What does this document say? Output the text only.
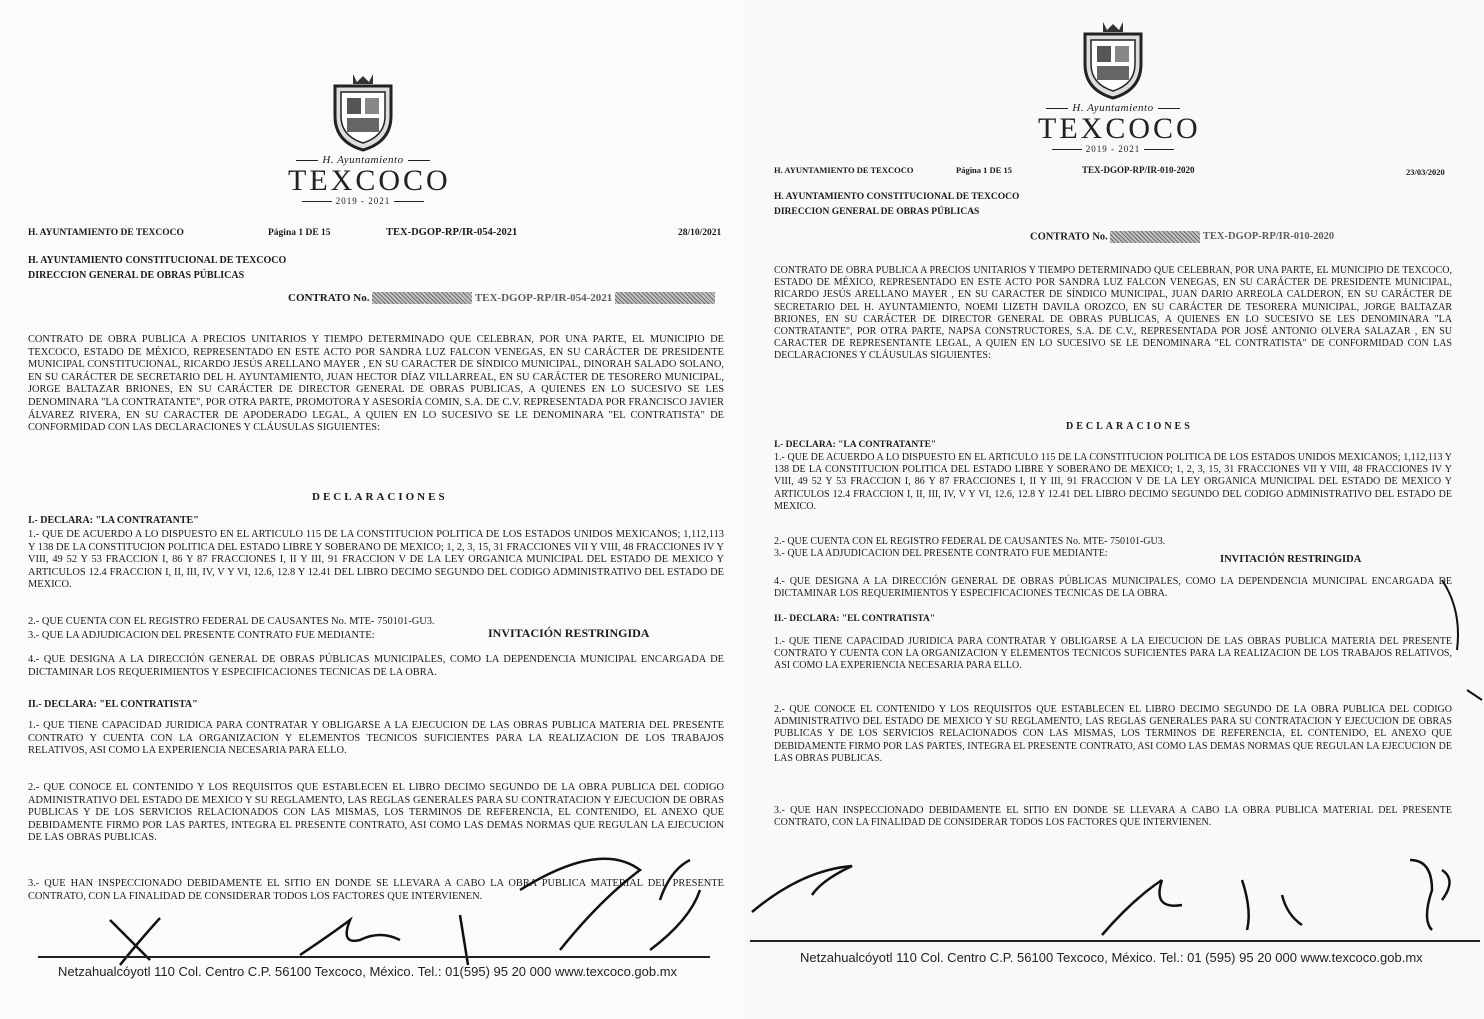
H. Ayuntamiento
TEXCOCO
2019 - 2021
H. AYUNTAMIENTO DE TEXCOCO	Página 1 DE 15	TEX-DGOP-RP/IR-054-2021	28/10/2021
H. AYUNTAMIENTO CONSTITUCIONAL DE TEXCOCO
DIRECCION GENERAL DE OBRAS PÚBLICAS
CONTRATO No.	TEX-DGOP-RP/IR-054-2021
CONTRATO DE OBRA PUBLICA A PRECIOS UNITARIOS Y TIEMPO DETERMINADO QUE CELEBRAN, POR UNA PARTE, EL MUNICIPIO DE TEXCOCO, ESTADO DE MÉXICO, REPRESENTADO EN ESTE ACTO POR SANDRA LUZ FALCON VENEGAS, EN SU CARÁCTER DE PRESIDENTE MUNICIPAL CONSTITUCIONAL, RICARDO JESÚS ARELLANO MAYER , EN SU CARACTER DE SÍNDICO MUNICIPAL, DINORAH SALADO SOLANO, EN SU CARÁCTER DE SECRETARIO DEL H. AYUNTAMIENTO, JUAN HECTOR DÍAZ VILLARREAL, EN SU CARÁCTER DE TESORERO MUNICIPAL, JORGE BALTAZAR BRIONES, EN SU CARÁCTER DE DIRECTOR GENERAL DE OBRAS PUBLICAS, A QUIENES EN LO SUCESIVO SE LES DENOMINARA "LA CONTRATANTE", POR OTRA PARTE, PROMOTORA Y ASESORÍA COMIN, S.A. DE C.V. REPRESENTADA POR FRANCISCO JAVIER ÁLVAREZ RIVERA, EN SU CARACTER DE APODERADO LEGAL, A QUIEN EN LO SUCESIVO SE LE DENOMINARA "EL CONTRATISTA" DE CONFORMIDAD CON LAS DECLARACIONES Y CLÁUSULAS SIGUIENTES:
DECLARACIONES
I.- DECLARA: "LA CONTRATANTE"
1.- QUE DE ACUERDO A LO DISPUESTO EN EL ARTICULO 115 DE LA CONSTITUCION POLITICA DE LOS ESTADOS UNIDOS MEXICANOS; 1,112,113 Y 138 DE LA CONSTITUCION POLITICA DEL ESTADO LIBRE Y SOBERANO DE MEXICO; 1, 2, 3, 15, 31 FRACCIONES VII Y VIII, 48 FRACCIONES IV Y VIII, 49 52 Y 53 FRACCION I, 86 Y 87 FRACCIONES I, II Y III, 91 FRACCION V DE LA LEY ORGANICA MUNICIPAL DEL ESTADO DE MEXICO Y ARTICULOS 12.4 FRACCION I, II, III, IV, V Y VI, 12.6, 12.8 Y 12.41 DEL LIBRO DECIMO SEGUNDO DEL CODIGO ADMINISTRATIVO DEL ESTADO DE MEXICO.
2.- QUE CUENTA CON EL REGISTRO FEDERAL DE CAUSANTES No. MTE- 750101-GU3.
3.- QUE LA ADJUDICACION DEL PRESENTE CONTRATO FUE MEDIANTE:	INVITACIÓN RESTRINGIDA
4.- QUE DESIGNA A LA DIRECCIÓN GENERAL DE OBRAS PÚBLICAS MUNICIPALES, COMO LA DEPENDENCIA MUNICIPAL ENCARGADA DE DICTAMINAR LOS REQUERIMIENTOS Y ESPECIFICACIONES TECNICAS DE LA OBRA.
II.- DECLARA: "EL CONTRATISTA"
1.- QUE TIENE CAPACIDAD JURIDICA PARA CONTRATAR Y OBLIGARSE A LA EJECUCION DE LAS OBRAS PUBLICA MATERIA DEL PRESENTE CONTRATO Y CUENTA CON LA ORGANIZACION Y ELEMENTOS TECNICOS SUFICIENTES PARA LA REALIZACION DE LOS TRABAJOS RELATIVOS, ASI COMO LA EXPERIENCIA NECESARIA PARA ELLO.
2.- QUE CONOCE EL CONTENIDO Y LOS REQUISITOS QUE ESTABLECEN EL LIBRO DECIMO SEGUNDO DE LA OBRA PUBLICA DEL CODIGO ADMINISTRATIVO DEL ESTADO DE MEXICO Y SU REGLAMENTO, LAS REGLAS GENERALES PARA SU CONTRATACION Y EJECUCION DE OBRAS PUBLICAS Y DE LOS SERVICIOS RELACIONADOS CON LAS MISMAS, LOS TERMINOS DE REFERENCIA, EL CONTENIDO, EL ANEXO QUE DEBIDAMENTE FIRMO POR LAS PARTES, INTEGRA EL PRESENTE CONTRATO, ASI COMO LAS DEMAS NORMAS QUE REGULAN LA EJECUCION DE LAS OBRAS PUBLICAS.
3.- QUE HAN INSPECCIONADO DEBIDAMENTE EL SITIO EN DONDE SE LLEVARA A CABO LA OBRA PUBLICA MATERIAL DEL PRESENTE CONTRATO, CON LA FINALIDAD DE CONSIDERAR TODOS LOS FACTORES QUE INTERVIENEN.
Netzahualcóyotl 110 Col. Centro C.P. 56100 Texcoco, México. Tel.: 01(595) 95 20 000 www.texcoco.gob.mx
H. Ayuntamiento
TEXCOCO
2019 - 2021
H. AYUNTAMIENTO DE TEXCOCO	Página 1 DE 15	TEX-DGOP-RP/IR-010-2020	23/03/2020
H. AYUNTAMIENTO CONSTITUCIONAL DE TEXCOCO
DIRECCION GENERAL DE OBRAS PÚBLICAS
CONTRATO No.	TEX-DGOP-RP/IR-010-2020
CONTRATO DE OBRA PUBLICA A PRECIOS UNITARIOS Y TIEMPO DETERMINADO QUE CELEBRAN, POR UNA PARTE, EL MUNICIPIO DE TEXCOCO, ESTADO DE MÉXICO, REPRESENTADO EN ESTE ACTO POR SANDRA LUZ FALCON VENEGAS, EN SU CARÁCTER DE PRESIDENTE MUNICIPAL, RICARDO JESÚS ARELLANO MAYER , EN SU CARACTER DE SÍNDICO MUNICIPAL, JUAN DARIO ARREOLA CALDERON, EN SU CARÁCTER DE SECRETARIO DEL H. AYUNTAMIENTO, NOEMI LIZETH DAVILA OROZCO, EN SU CARÁCTER DE TESORERA MUNICIPAL, JORGE BALTAZAR BRIONES, EN SU CARÁCTER DE DIRECTOR GENERAL DE OBRAS PUBLICAS, A QUIENES EN LO SUCESIVO SE LES DENOMINARA "LA CONTRATANTE", POR OTRA PARTE, NAPSA CONSTRUCTORES, S.A. DE C.V., REPRESENTADA POR JOSÉ ANTONIO OLVERA SALAZAR , EN SU CARACTER DE REPRESENTANTE LEGAL, A QUIEN EN LO SUCESIVO SE LE DENOMINARA "EL CONTRATISTA" DE CONFORMIDAD CON LAS DECLARACIONES Y CLÁUSULAS SIGUIENTES:
DECLARACIONES
I.- DECLARA: "LA CONTRATANTE"
1.- QUE DE ACUERDO A LO DISPUESTO EN EL ARTICULO 115 DE LA CONSTITUCION POLITICA DE LOS ESTADOS UNIDOS MEXICANOS; 1,112,113 Y 138 DE LA CONSTITUCION POLITICA DEL ESTADO LIBRE Y SOBERANO DE MEXICO; 1, 2, 3, 15, 31 FRACCIONES VII Y VIII, 48 FRACCIONES IV Y VIII, 49 52 Y 53 FRACCION I, 86 Y 87 FRACCIONES I, II Y III, 91 FRACCION V DE LA LEY ORGANICA MUNICIPAL DEL ESTADO DE MEXICO Y ARTICULOS 12.4 FRACCION I, II, III, IV, V Y VI, 12.6, 12.8 Y 12.41 DEL LIBRO DECIMO SEGUNDO DEL CODIGO ADMINISTRATIVO DEL ESTADO DE MEXICO.
2.- QUE CUENTA CON EL REGISTRO FEDERAL DE CAUSANTES No. MTE- 750101-GU3.
3.- QUE LA ADJUDICACION DEL PRESENTE CONTRATO FUE MEDIANTE:
INVITACIÓN RESTRINGIDA
4.- QUE DESIGNA A LA DIRECCIÓN GENERAL DE OBRAS PÚBLICAS MUNICIPALES, COMO LA DEPENDENCIA MUNICIPAL ENCARGADA DE DICTAMINAR LOS REQUERIMIENTOS Y ESPECIFICACIONES TECNICAS DE LA OBRA.
II.- DECLARA: "EL CONTRATISTA"
1.- QUE TIENE CAPACIDAD JURIDICA PARA CONTRATAR Y OBLIGARSE A LA EJECUCION DE LAS OBRAS PUBLICA MATERIA DEL PRESENTE CONTRATO Y CUENTA CON LA ORGANIZACION Y ELEMENTOS TECNICOS SUFICIENTES PARA LA REALIZACION DE LOS TRABAJOS RELATIVOS, ASI COMO LA EXPERIENCIA NECESARIA PARA ELLO.
2.- QUE CONOCE EL CONTENIDO Y LOS REQUISITOS QUE ESTABLECEN EL LIBRO DECIMO SEGUNDO DE LA OBRA PUBLICA DEL CODIGO ADMINISTRATIVO DEL ESTADO DE MEXICO Y SU REGLAMENTO, LAS REGLAS GENERALES PARA SU CONTRATACION Y EJECUCION DE OBRAS PUBLICAS Y DE LOS SERVICIOS RELACIONADOS CON LAS MISMAS, LOS TERMINOS DE REFERENCIA, EL CONTENIDO, EL ANEXO QUE DEBIDAMENTE FIRMO POR LAS PARTES, INTEGRA EL PRESENTE CONTRATO, ASI COMO LAS DEMAS NORMAS QUE REGULAN LA EJECUCION DE LAS OBRAS PUBLICAS.
3.- QUE HAN INSPECCIONADO DEBIDAMENTE EL SITIO EN DONDE SE LLEVARA A CABO LA OBRA PUBLICA MATERIAL DEL PRESENTE CONTRATO, CON LA FINALIDAD DE CONSIDERAR TODOS LOS FACTORES QUE INTERVIENEN.
Netzahualcóyotl 110 Col. Centro C.P. 56100 Texcoco, México. Tel.: 01 (595) 95 20 000 www.texcoco.gob.mx
